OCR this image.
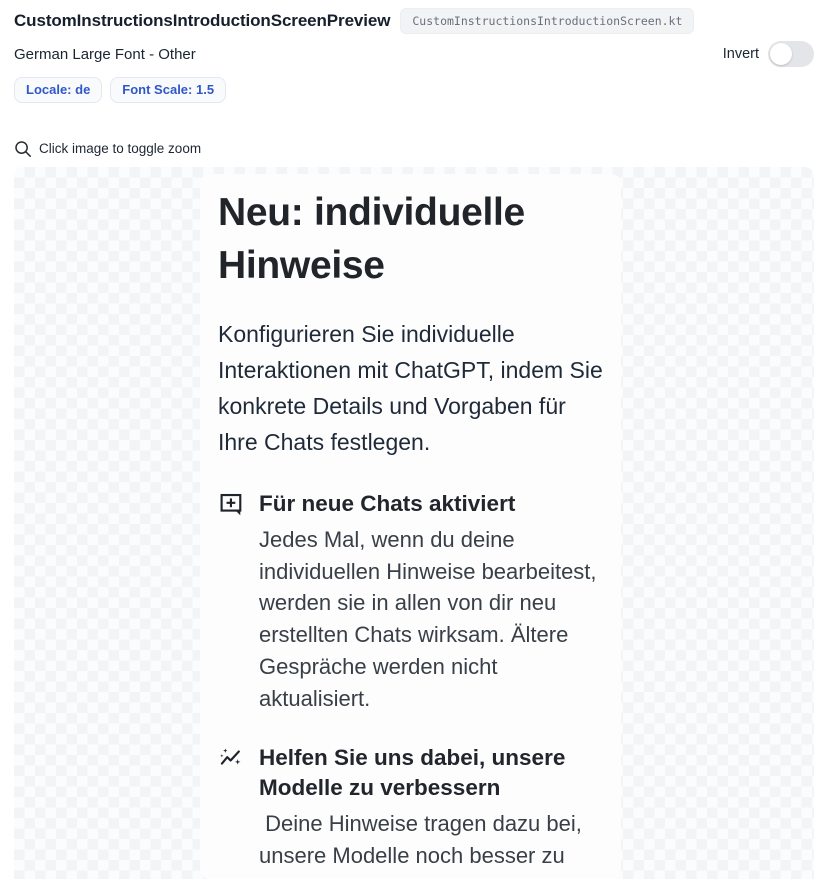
CustomInstructionsIntroductionScreenPreview	CustomInstructionsIntroductionScreen.kt
German Large Font - Other	Invert
Locale: de	Font Scale: 1.5
Click image to toggle zoom
Neu: individuelle Hinweise
Konfigurieren Sie individuelle Interaktionen mit ChatGPT, indem Sie konkrete Details und Vorgaben für Ihre Chats festlegen.
Für neue Chats aktiviert
Jedes Mal, wenn du deine individuellen Hinweise bearbeitest, werden sie in allen von dir neu erstellten Chats wirksam. Ältere Gespräche werden nicht aktualisiert.
Helfen Sie uns dabei, unsere Modelle zu verbessern
Deine Hinweise tragen dazu bei, unsere Modelle noch besser zu
